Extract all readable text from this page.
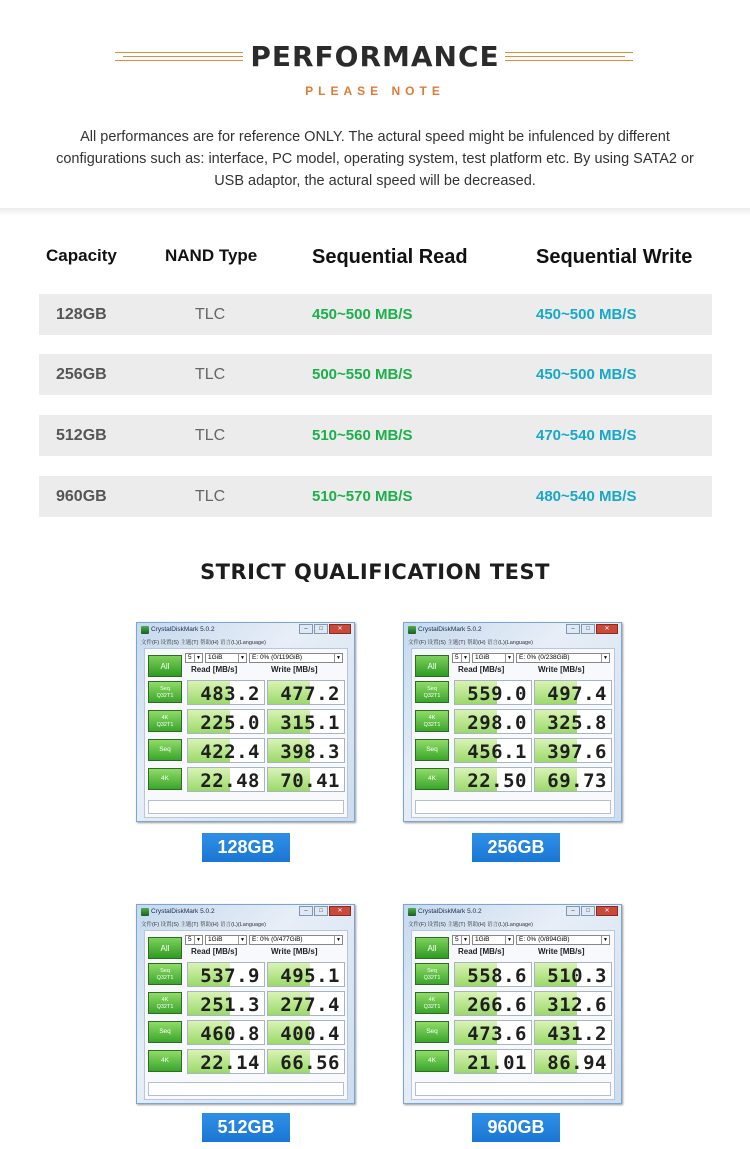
PERFORMANCE
PLEASE NOTE
All performances are for reference ONLY. The actural speed might be infulenced by different configurations such as: interface, PC model, operating system, test platform etc. By using SATA2 or USB adaptor, the actural speed will be decreased.
Capacity	NAND Type	Sequential Read	Sequential Write
128GB	TLC	450~500 MB/S	450~500 MB/S
256GB	TLC	500~550 MB/S	450~500 MB/S
512GB	TLC	510~560 MB/S	470~540 MB/S
960GB	TLC	510~570 MB/S	480~540 MB/S
STRICT QUALIFICATION TEST
CrystalDiskMark 5.0.2	–	□	✕
文件(F) 设置(S) 主题(T) 帮助(H) 语言(L)(Language)
All
5 ▼	1GiB	▼	E: 0% (0/119GiB)	▼
Read [MB/s]	Write [MB/s]
Seq
Q32T1	483.2 477.2
4K
Q32T1	225.0 315.1
Seq	422.4 398.3
4K	22.48 70.41
128GB
CrystalDiskMark 5.0.2	–	□	✕
文件(F) 设置(S) 主题(T) 帮助(H) 语言(L)(Language)
All
5 ▼	1GiB	▼	E: 0% (0/238GiB)	▼
Read [MB/s]	Write [MB/s]
Seq
Q32T1	559.0 497.4
4K
Q32T1	298.0 325.8
Seq	456.1 397.6
4K	22.50 69.73
256GB
CrystalDiskMark 5.0.2	–	□	✕
文件(F) 设置(S) 主题(T) 帮助(H) 语言(L)(Language)
All
5 ▼	1GiB	▼	E: 0% (0/477GiB)	▼
Read [MB/s]	Write [MB/s]
Seq
Q32T1	537.9 495.1
4K
Q32T1	251.3 277.4
Seq	460.8 400.4
4K	22.14 66.56
512GB
CrystalDiskMark 5.0.2	–	□	✕
文件(F) 设置(S) 主题(T) 帮助(H) 语言(L)(Language)
All
5 ▼	1GiB	▼	E: 0% (0/894GiB)	▼
Read [MB/s]	Write [MB/s]
Seq
Q32T1	558.6 510.3
4K
Q32T1	266.6 312.6
Seq	473.6 431.2
4K	21.01 86.94
960GB
